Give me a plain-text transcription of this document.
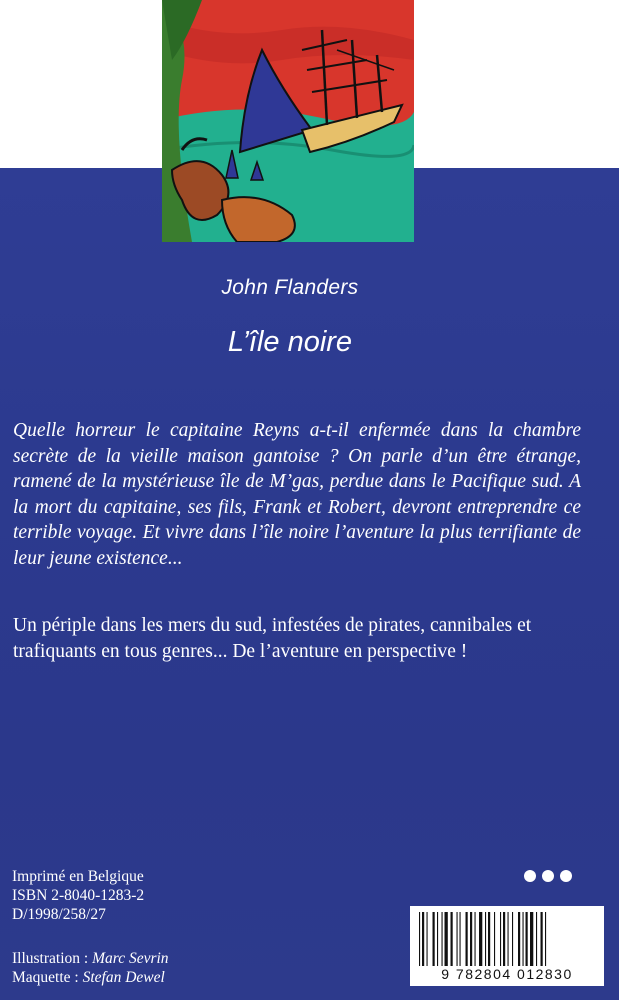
John Flanders
L’île noire

Quelle horreur le capitaine Reyns a-t-il enfermée dans la chambre secrète de la vieille maison gantoise ? On parle d’un être étrange, ramené de la mystérieuse île de M’gas, perdue dans le Pacifique sud. A la mort du capitaine, ses fils, Frank et Robert, devront entreprendre ce terrible voyage. Et vivre dans l’île noire l’aventure la plus terrifiante de leur jeune existence...

Un périple dans les mers du sud, infestées de pirates, cannibales et trafiquants en tous genres... De l’aventure en perspective !

Imprimé en Belgique
ISBN 2-8040-1283-2
D/1998/258/27
Illustration : Marc Sevrin
Maquette : Stefan Dewel	9 782804 012830
